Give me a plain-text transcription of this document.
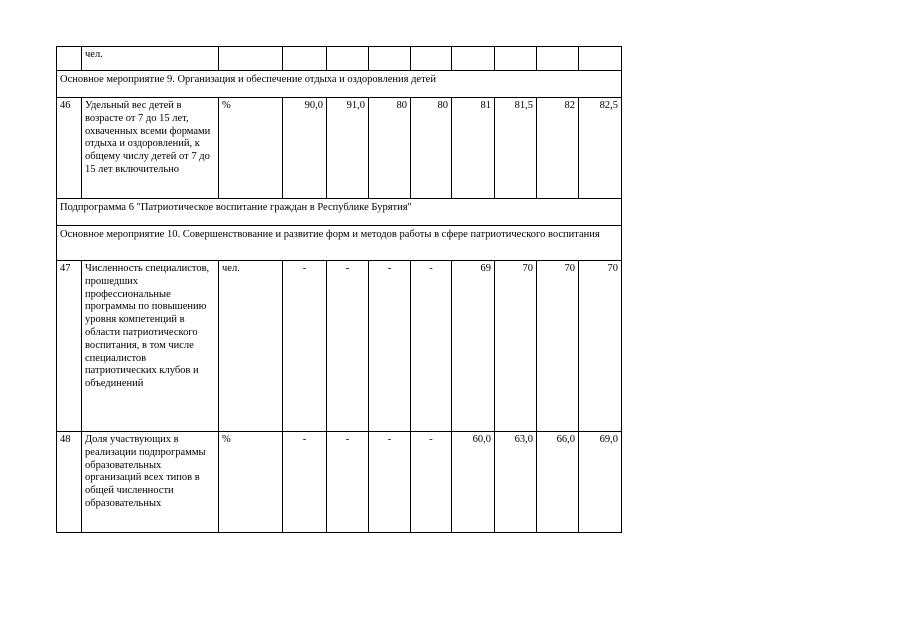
	чел.									
Основное мероприятие 9. Организация и обеспечение отдыха и оздоровления детей										
46	Удельный вес детей в возрасте от 7 до 15 лет, охваченных всеми формами отдыха и оздоровлений, к общему числу детей от 7 до 15 лет включительно	%	90,0	91,0	80	80	81	81,5	82	82,5
Подпрограмма 6 "Патриотическое воспитание граждан в Республике Бурятия"										
Основное мероприятие 10. Совершенствование и развитие форм и методов работы в сфере патриотического воспитания										
47	Численность специалистов, прошедших профессиональные программы по повышению уровня компетенций в области патриотического воспитания, в том числе специалистов патриотических клубов и объединений	чел.	-	-	-	-	69	70	70	70
48	Доля участвующих в реализации подпрограммы образовательных организаций всех типов в общей численности образовательных	%	-	-	-	-	60,0	63,0	66,0	69,0
